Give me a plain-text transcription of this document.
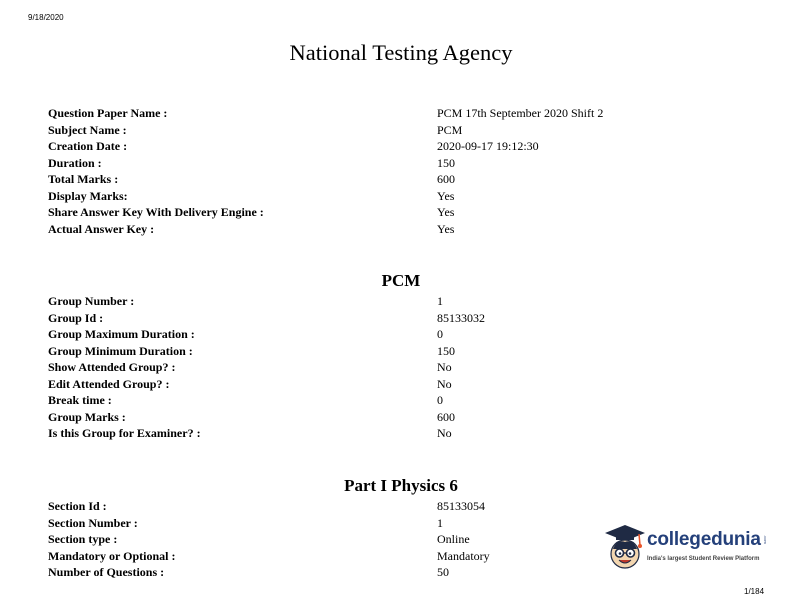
9/18/2020
National Testing Agency
Question Paper Name :	PCM 17th September 2020 Shift 2
Subject Name :	PCM
Creation Date :	2020-09-17 19:12:30
Duration :	150
Total Marks :	600
Display Marks:	Yes
Share Answer Key With Delivery Engine :	Yes
Actual Answer Key :	Yes
PCM
Group Number :	1
Group Id :	85133032
Group Maximum Duration :	0
Group Minimum Duration :	150
Show Attended Group? :	No
Edit Attended Group? :	No
Break time :	0
Group Marks :	600
Is this Group for Examiner? :	No
Part I Physics 6
Section Id :	85133054
Section Number :	1
Section type :	Online
Mandatory or Optional :	Mandatory
Number of Questions :	50
collegedunia .com
India's largest Student Review Platform
1/184
